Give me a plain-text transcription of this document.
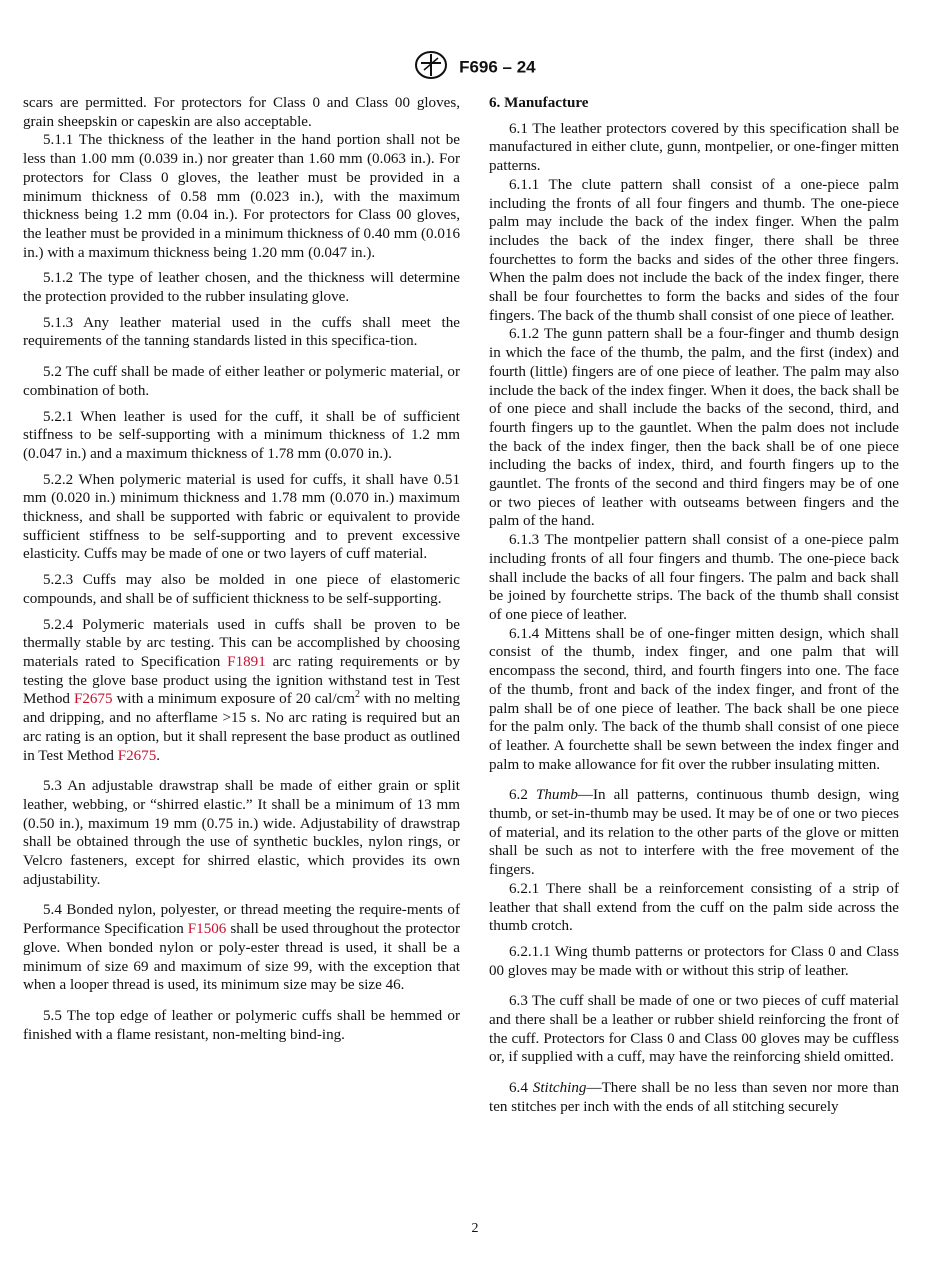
F696 – 24

scars are permitted. For protectors for Class 0 and Class 00 gloves, grain sheepskin or capeskin are also acceptable.

5.1.1 The thickness of the leather in the hand portion shall not be less than 1.00 mm (0.039 in.) nor greater than 1.60 mm (0.063 in.). For protectors for Class 0 gloves, the leather must be provided in a minimum thickness of 0.58 mm (0.023 in.), with the maximum thickness being 1.2 mm (0.04 in.). For protectors for Class 00 gloves, the leather must be provided in a minimum thickness of 0.40 mm (0.016 in.) with a maximum thickness being 1.20 mm (0.047 in.).

5.1.2 The type of leather chosen, and the thickness will determine the protection provided to the rubber insulating glove.

5.1.3 Any leather material used in the cuffs shall meet the requirements of the tanning standards listed in this specifica-tion.

5.2 The cuff shall be made of either leather or polymeric material, or combination of both.

5.2.1 When leather is used for the cuff, it shall be of sufficient stiffness to be self-supporting with a minimum thickness of 1.2 mm (0.047 in.) and a maximum thickness of 1.78 mm (0.070 in.).

5.2.2 When polymeric material is used for cuffs, it shall have 0.51 mm (0.020 in.) minimum thickness and 1.78 mm (0.070 in.) maximum thickness, and shall be supported with fabric or equivalent to provide sufficient stiffness to be self-supporting and to prevent excessive elasticity. Cuffs may be made of one or two layers of cuff material.

5.2.3 Cuffs may also be molded in one piece of elastomeric compounds, and shall be of sufficient thickness to be self-supporting.

5.2.4 Polymeric materials used in cuffs shall be proven to be thermally stable by arc testing. This can be accomplished by choosing materials rated to Specification F1891 arc rating requirements or by testing the glove base product using the ignition withstand test in Test Method F2675 with a minimum exposure of 20 cal/$cm^2$ with no melting and dripping, and no afterflame >15 s. No arc rating is required but an arc rating is an option, but it shall represent the base product as outlined in Test Method F2675.

5.3 An adjustable drawstrap shall be made of either grain or split leather, webbing, or “shirred elastic.” It shall be a minimum of 13 mm (0.50 in.), maximum 19 mm (0.75 in.) wide. Adjustability of drawstrap shall be obtained through the use of synthetic buckles, nylon rings, or Velcro fasteners, except for shirred elastic, which provides its own adjustability.

5.4 Bonded nylon, polyester, or thread meeting the require-ments of Performance Specification F1506 shall be used throughout the protector glove. When bonded nylon or poly-ester thread is used, it shall be a minimum of size 69 and maximum of size 99, with the exception that when a looper thread is used, its minimum size may be size 46.

5.5 The top edge of leather or polymeric cuffs shall be hemmed or finished with a flame resistant, non-melting bind-ing.

6. Manufacture

6.1 The leather protectors covered by this specification shall be manufactured in either clute, gunn, montpelier, or one-finger mitten patterns.

6.1.1 The clute pattern shall consist of a one-piece palm including the fronts of all four fingers and thumb. The one-piece palm may include the back of the index finger. When the palm includes the back of the index finger, there shall be three fourchettes to form the backs and sides of the other three fingers. When the palm does not include the back of the index finger, there shall be four fourchettes to form the backs and sides of the four fingers. The back of the thumb shall consist of one piece of leather.

6.1.2 The gunn pattern shall be a four-finger and thumb design in which the face of the thumb, the palm, and the first (index) and fourth (little) fingers are of one piece of leather. The palm may also include the back of the index finger. When it does, the back shall be of one piece and shall include the backs of the second, third, and fourth fingers up to the gauntlet. When the palm does not include the back of the index finger, then the back shall be of one piece including the backs of index, third, and fourth fingers up to the gauntlet. The fronts of the second and third fingers may be of one or two pieces of leather with outseams between fingers and the palm of the hand.

6.1.3 The montpelier pattern shall consist of a one-piece palm including fronts of all four fingers and thumb. The one-piece back shall include the backs of all four fingers. The palm and back shall be joined by fourchette strips. The back of the thumb shall consist of one piece of leather.

6.1.4 Mittens shall be of one-finger mitten design, which shall consist of the thumb, index finger, and one palm that will encompass the second, third, and fourth fingers into one. The face of the thumb, front and back of the index finger, and front of the palm shall be of one piece of leather. The back shall be one piece for the palm only. The back of the thumb shall consist of one piece of leather. A fourchette shall be sewn between the index finger and palm to make allowance for fit over the rubber insulating mitten.

6.2 Thumb—In all patterns, continuous thumb design, wing thumb, or set-in-thumb may be used. It may be of one or two pieces of material, and its relation to the other parts of the glove or mitten shall be such as not to interfere with the free movement of the fingers.

6.2.1 There shall be a reinforcement consisting of a strip of leather that shall extend from the cuff on the palm side across the thumb crotch.

6.2.1.1 Wing thumb patterns or protectors for Class 0 and Class 00 gloves may be made with or without this strip of leather.

6.3 The cuff shall be made of one or two pieces of cuff material and there shall be a leather or rubber shield reinforcing the front of the cuff. Protectors for Class 0 and Class 00 gloves may be cuffless or, if supplied with a cuff, may have the reinforcing shield omitted.

6.4 Stitching—There shall be no less than seven nor more than ten stitches per inch with the ends of all stitching securely

2
